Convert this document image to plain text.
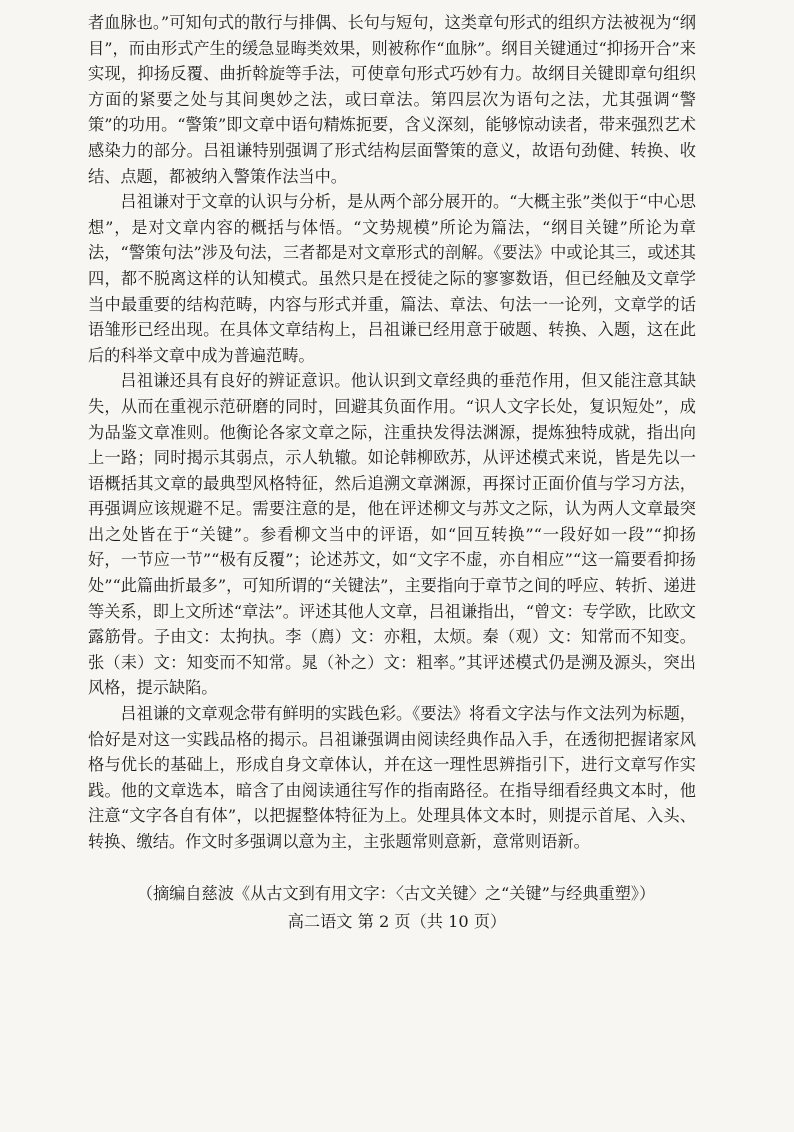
者血脉也。”可知句式的散行与排偶、长句与短句，这类章句形式的组织方法被视为“纲目”，而由形式产生的缓急显晦类效果，则被称作“血脉”。纲目关键通过“抑扬开合”来实现，抑扬反覆、曲折斡旋等手法，可使章句形式巧妙有力。故纲目关键即章句组织方面的紧要之处与其间奥妙之法，或曰章法。第四层次为语句之法，尤其强调“警策”的功用。“警策”即文章中语句精炼扼要，含义深刻，能够惊动读者，带来强烈艺术感染力的部分。吕祖谦特别强调了形式结构层面警策的意义，故语句劲健、转换、收结、点题，都被纳入警策作法当中。

吕祖谦对于文章的认识与分析，是从两个部分展开的。“大概主张”类似于“中心思想”，是对文章内容的概括与体悟。“文势规模”所论为篇法，“纲目关键”所论为章法，“警策句法”涉及句法，三者都是对文章形式的剖解。《要法》中或论其三，或述其四，都不脱离这样的认知模式。虽然只是在授徒之际的寥寥数语，但已经触及文章学当中最重要的结构范畴，内容与形式并重，篇法、章法、句法一一论列，文章学的话语雏形已经出现。在具体文章结构上，吕祖谦已经用意于破题、转换、入题，这在此后的科举文章中成为普遍范畴。

吕祖谦还具有良好的辨证意识。他认识到文章经典的垂范作用，但又能注意其缺失，从而在重视示范研磨的同时，回避其负面作用。“识人文字长处，复识短处”，成为品鉴文章准则。他衡论各家文章之际，注重抉发得法渊源，提炼独特成就，指出向上一路；同时揭示其弱点，示人轨辙。如论韩柳欧苏，从评述模式来说，皆是先以一语概括其文章的最典型风格特征，然后追溯文章渊源，再探讨正面价值与学习方法，再强调应该规避不足。需要注意的是，他在评述柳文与苏文之际，认为两人文章最突出之处皆在于“关键”。参看柳文当中的评语，如“回互转换”“一段好如一段”“抑扬好，一节应一节”“极有反覆”；论述苏文，如“文字不虚，亦自相应”“这一篇要看抑扬处”“此篇曲折最多”，可知所谓的“关键法”，主要指向于章节之间的呼应、转折、递进等关系，即上文所述“章法”。评述其他人文章，吕祖谦指出，“曾文：专学欧，比欧文露筋骨。子由文：太拘执。李（廌）文：亦粗，太烦。秦（观）文：知常而不知变。张（耒）文：知变而不知常。晁（补之）文：粗率。”其评述模式仍是溯及源头，突出风格，提示缺陷。

吕祖谦的文章观念带有鲜明的实践色彩。《要法》将看文字法与作文法列为标题，恰好是对这一实践品格的揭示。吕祖谦强调由阅读经典作品入手，在透彻把握诸家风格与优长的基础上，形成自身文章体认，并在这一理性思辨指引下，进行文章写作实践。他的文章选本，暗含了由阅读通往写作的指南路径。在指导细看经典文本时，他注意“文字各自有体”，以把握整体特征为上。处理具体文本时，则提示首尾、入头、转换、缴结。作文时多强调以意为主，主张题常则意新，意常则语新。

（摘编自慈波《从古文到有用文字：〈古文关键〉之“关键”与经典重塑》）
高二语文 第 2 页（共 10 页）
